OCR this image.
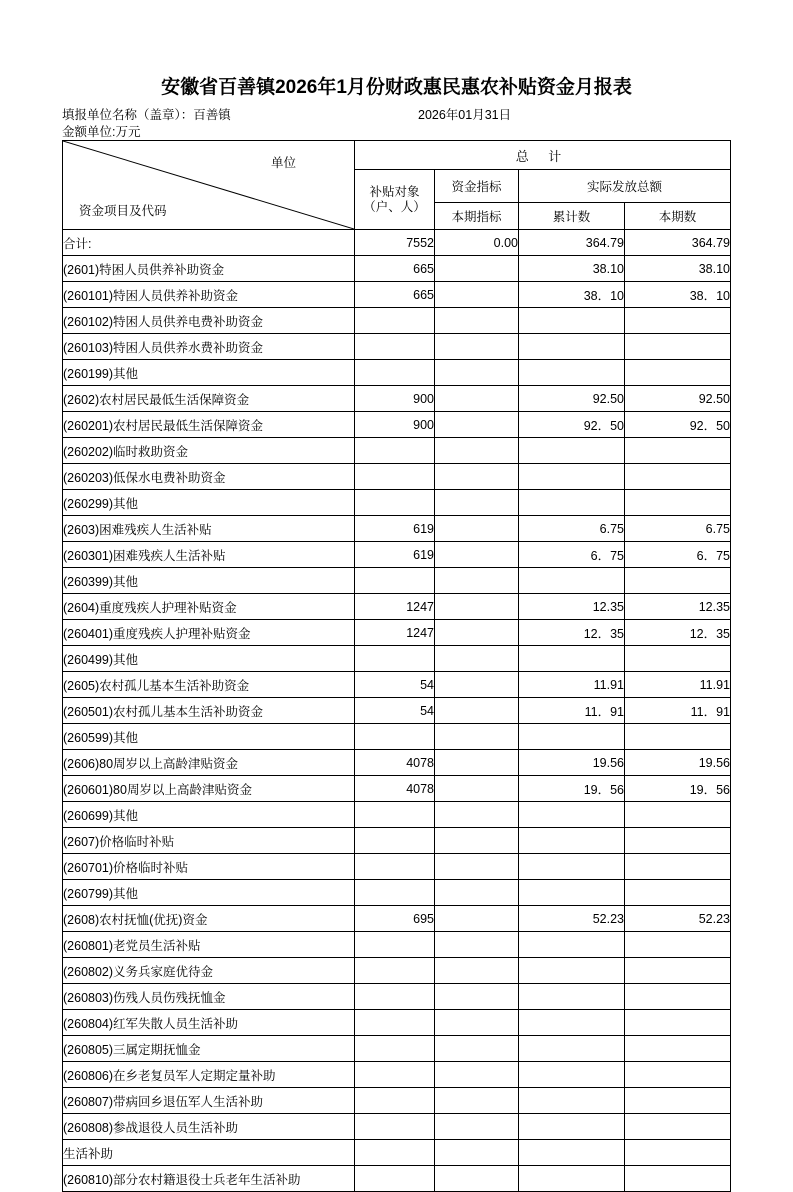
安徽省百善镇2026年1月份财政惠民惠农补贴资金月报表
填报单位名称（盖章）：百善镇	2026年01月31日
金额单位:万元
单位
资金项目及代码	总 计			
	补贴对象（户、人）	资金指标	实际发放总额	
		本期指标	累计数	本期数
合计:	7552	0.00	364.79	364.79
(2601)特困人员供养补助资金	665		38.10	38.10
(260101)特困人员供养补助资金	665		38．10	38．10
(260102)特困人员供养电费补助资金				
(260103)特困人员供养水费补助资金				
(260199)其他				
(2602)农村居民最低生活保障资金	900		92.50	92.50
(260201)农村居民最低生活保障资金	900		92．50	92．50
(260202)临时救助资金				
(260203)低保水电费补助资金				
(260299)其他				
(2603)困难残疾人生活补贴	619		6.75	6.75
(260301)困难残疾人生活补贴	619		6．75	6．75
(260399)其他				
(2604)重度残疾人护理补贴资金	1247		12.35	12.35
(260401)重度残疾人护理补贴资金	1247		12．35	12．35
(260499)其他				
(2605)农村孤儿基本生活补助资金	54		11.91	11.91
(260501)农村孤儿基本生活补助资金	54		11．91	11．91
(260599)其他				
(2606)80周岁以上高龄津贴资金	4078		19.56	19.56
(260601)80周岁以上高龄津贴资金	4078		19．56	19．56
(260699)其他				
(2607)价格临时补贴				
(260701)价格临时补贴				
(260799)其他				
(2608)农村抚恤(优抚)资金	695		52.23	52.23
(260801)老党员生活补贴				
(260802)义务兵家庭优待金				
(260803)伤残人员伤残抚恤金				
(260804)红军失散人员生活补助				
(260805)三属定期抚恤金				
(260806)在乡老复员军人定期定量补助				
(260807)带病回乡退伍军人生活补助				
(260808)参战退役人员生活补助				
生活补助				
(260810)部分农村籍退役士兵老年生活补助				
